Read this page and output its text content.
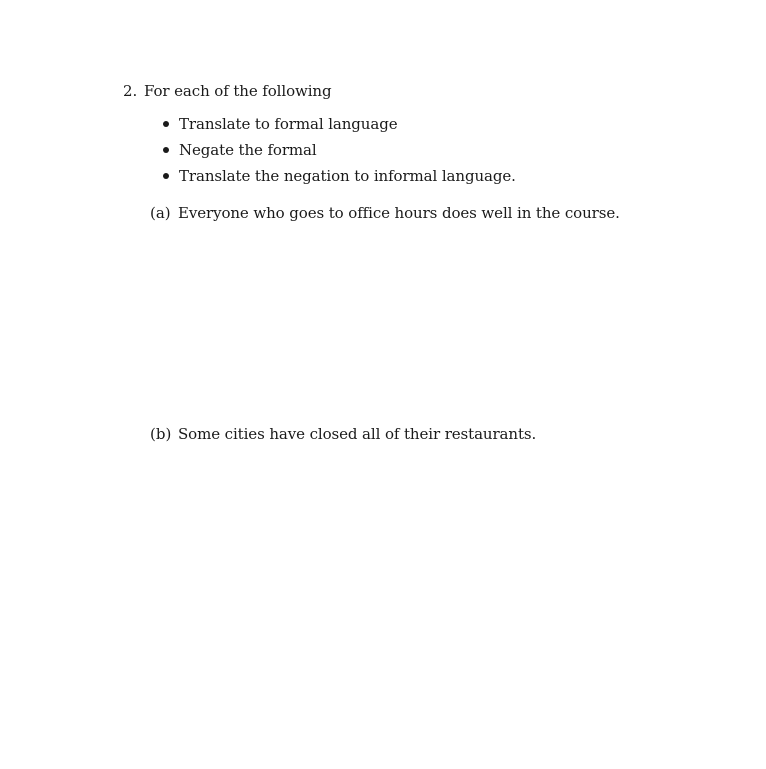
2. For each of the following
Translate to formal language
Negate the formal
Translate the negation to informal language.
(a) Everyone who goes to office hours does well in the course.
(b) Some cities have closed all of their restaurants.
